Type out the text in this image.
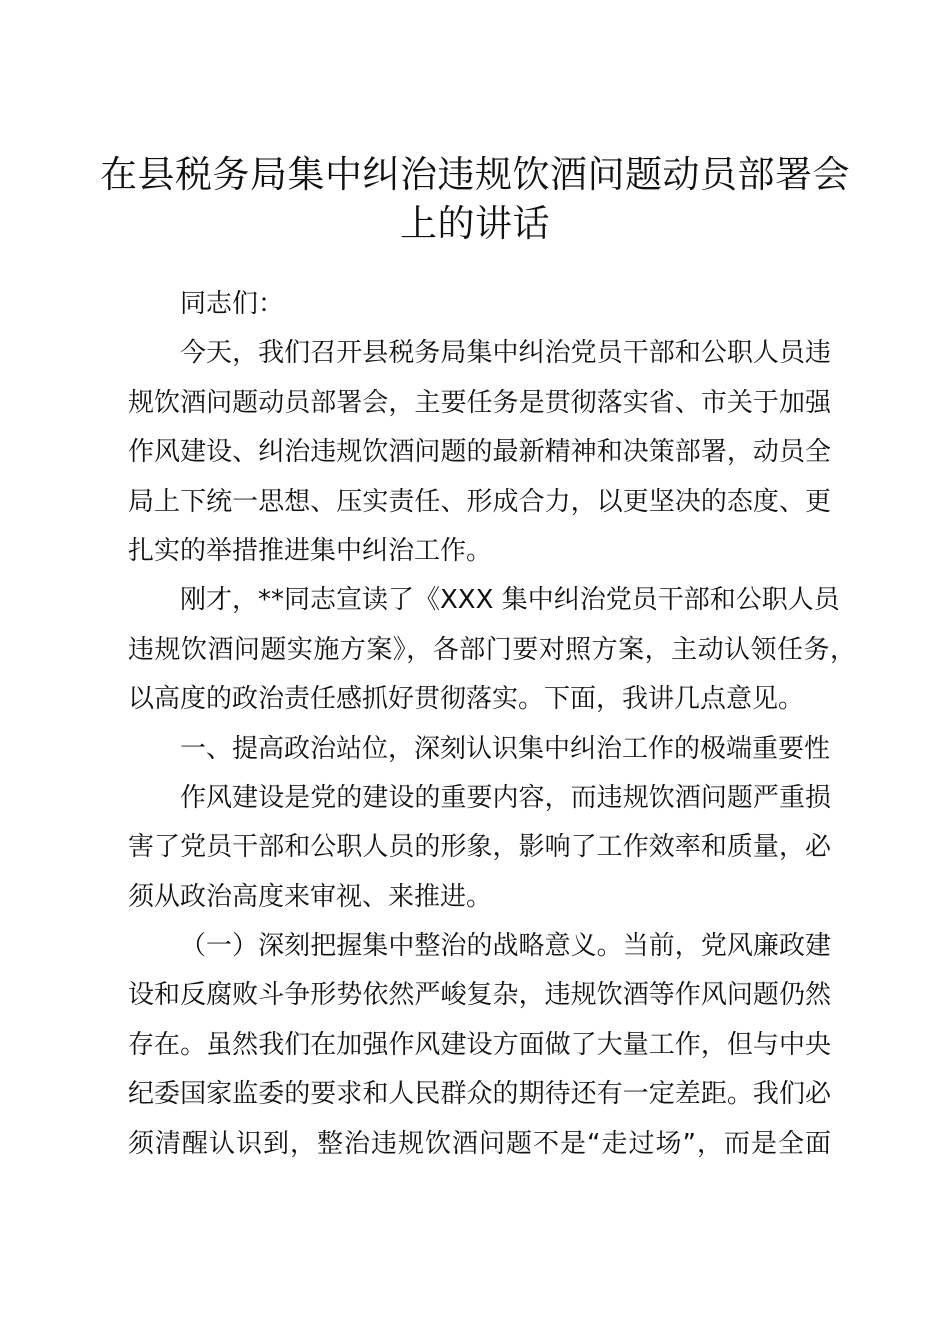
在县税务局集中纠治违规饮酒问题动员部署会
上的讲话
同志们：
今天，我们召开县税务局集中纠治党员干部和公职人员违
规饮酒问题动员部署会，主要任务是贯彻落实省、市关于加强
作风建设、纠治违规饮酒问题的最新精神和决策部署，动员全
局上下统一思想、压实责任、形成合力，以更坚决的态度、更
扎实的举措推进集中纠治工作。
刚才，**同志宣读了《XXX 集中纠治党员干部和公职人员
违规饮酒问题实施方案》，各部门要对照方案，主动认领任务，
以高度的政治责任感抓好贯彻落实。下面，我讲几点意见。
一、提高政治站位，深刻认识集中纠治工作的极端重要性
作风建设是党的建设的重要内容，而违规饮酒问题严重损
害了党员干部和公职人员的形象，影响了工作效率和质量，必
须从政治高度来审视、来推进。
（一）深刻把握集中整治的战略意义。当前，党风廉政建
设和反腐败斗争形势依然严峻复杂，违规饮酒等作风问题仍然
存在。虽然我们在加强作风建设方面做了大量工作，但与中央
纪委国家监委的要求和人民群众的期待还有一定差距。我们必
须清醒认识到，整治违规饮酒问题不是“走过场”，而是全面
